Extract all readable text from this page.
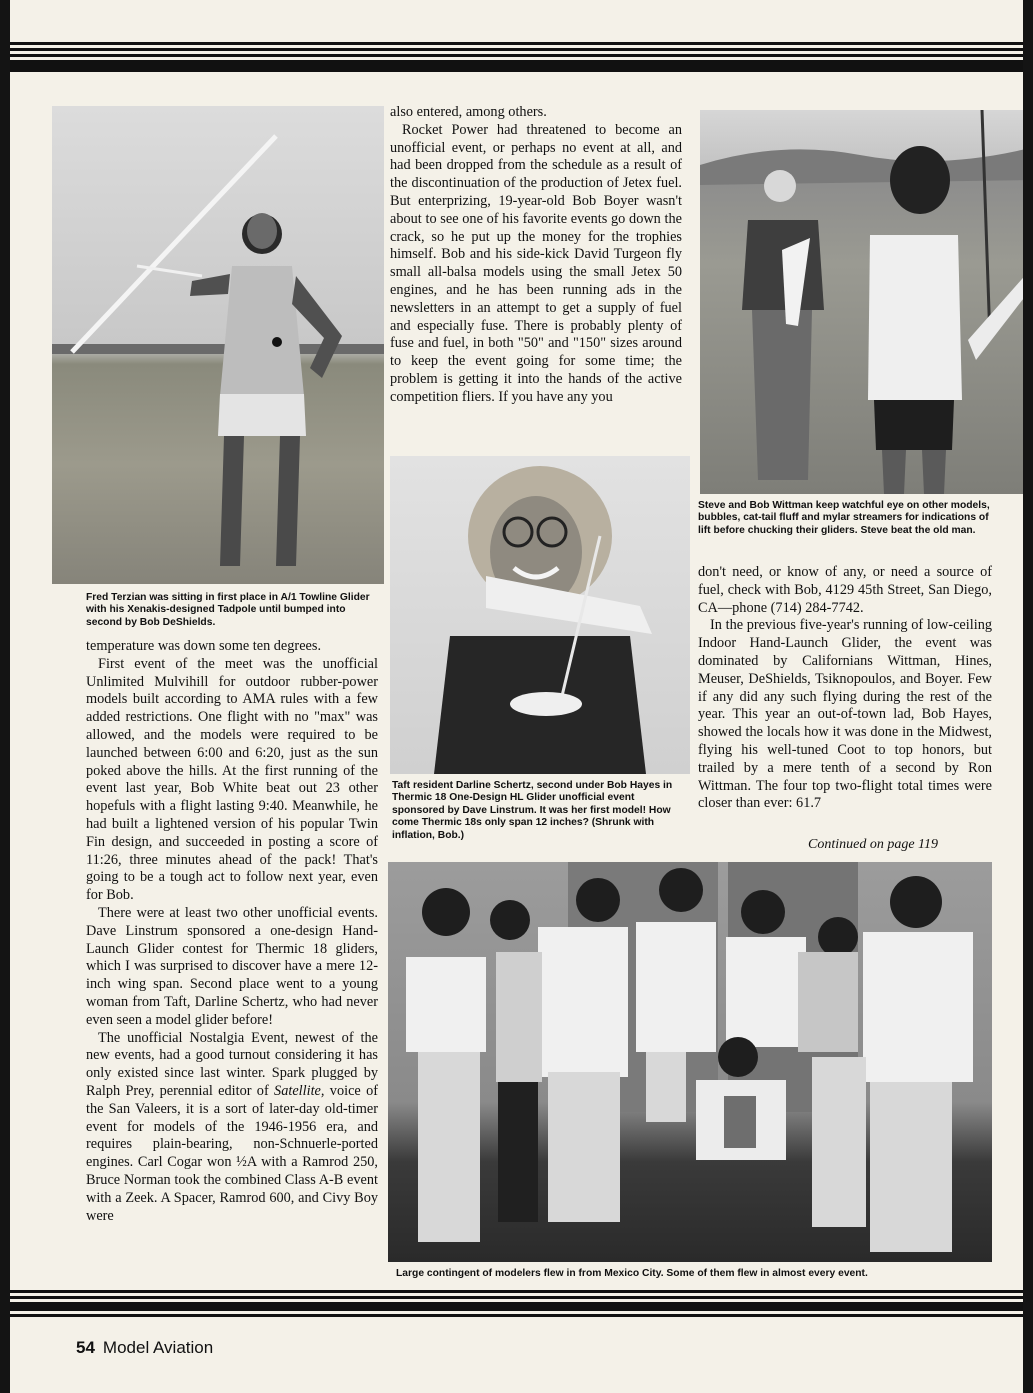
Fred Terzian was sitting in first place in A/1 Towline Glider with his Xenakis-designed Tadpole until bumped into second by Bob DeShields.

temperature was down some ten degrees.

First event of the meet was the unofficial Unlimited Mulvihill for outdoor rubber-power models built according to AMA rules with a few added restrictions. One flight with no "max" was allowed, and the models were required to be launched between 6:00 and 6:20, just as the sun poked above the hills. At the first running of the event last year, Bob White beat out 23 other hopefuls with a flight lasting 9:40. Meanwhile, he had built a lightened version of his popular Twin Fin design, and succeeded in posting a score of 11:26, three minutes ahead of the pack! That's going to be a tough act to follow next year, even for Bob.

There were at least two other unofficial events. Dave Linstrum sponsored a one-design Hand-Launch Glider contest for Thermic 18 gliders, which I was surprised to discover have a mere 12-inch wing span. Second place went to a young woman from Taft, Darline Schertz, who had never even seen a model glider before!

The unofficial Nostalgia Event, newest of the new events, had a good turnout considering it has only existed since last winter. Spark plugged by Ralph Prey, perennial editor of Satellite, voice of the San Valeers, it is a sort of later-day old-timer event for models of the 1946-1956 era, and requires plain-bearing, non-Schnuerle-ported engines. Carl Cogar won ½A with a Ramrod 250, Bruce Norman took the combined Class A-B event with a Zeek. A Spacer, Ramrod 600, and Civy Boy were

also entered, among others.

Rocket Power had threatened to become an unofficial event, or perhaps no event at all, and had been dropped from the schedule as a result of the discontinuation of the production of Jetex fuel. But enterprizing, 19-year-old Bob Boyer wasn't about to see one of his favorite events go down the crack, so he put up the money for the trophies himself. Bob and his side-kick David Turgeon fly small all-balsa models using the small Jetex 50 engines, and he has been running ads in the newsletters in an attempt to get a supply of fuel and especially fuse. There is probably plenty of fuse and fuel, in both "50" and "150" sizes around to keep the event going for some time; the problem is getting it into the hands of the active competition fliers. If you have any you

Steve and Bob Wittman keep watchful eye on other models, bubbles, cat-tail fluff and mylar streamers for indications of lift before chucking their gliders. Steve beat the old man.
Taft resident Darline Schertz, second under Bob Hayes in Thermic 18 One-Design HL Glider unofficial event sponsored by Dave Linstrum. It was her first model! How come Thermic 18s only span 12 inches? (Shrunk with inflation, Bob.)

don't need, or know of any, or need a source of fuel, check with Bob, 4129 45th Street, San Diego, CA—phone (714) 284-7742.

In the previous five-year's running of low-ceiling Indoor Hand-Launch Glider, the event was dominated by Californians Wittman, Hines, Meuser, DeShields, Tsiknopoulos, and Boyer. Few if any did any such flying during the rest of the year. This year an out-of-town lad, Bob Hayes, showed the locals how it was done in the Midwest, flying his well-tuned Coot to top honors, but trailed by a mere tenth of a second by Ron Wittman. The four top two-flight total times were closer than ever: 61.7

Continued on page 119
Large contingent of modelers flew in from Mexico City. Some of them flew in almost every event.
54 Model Aviation
